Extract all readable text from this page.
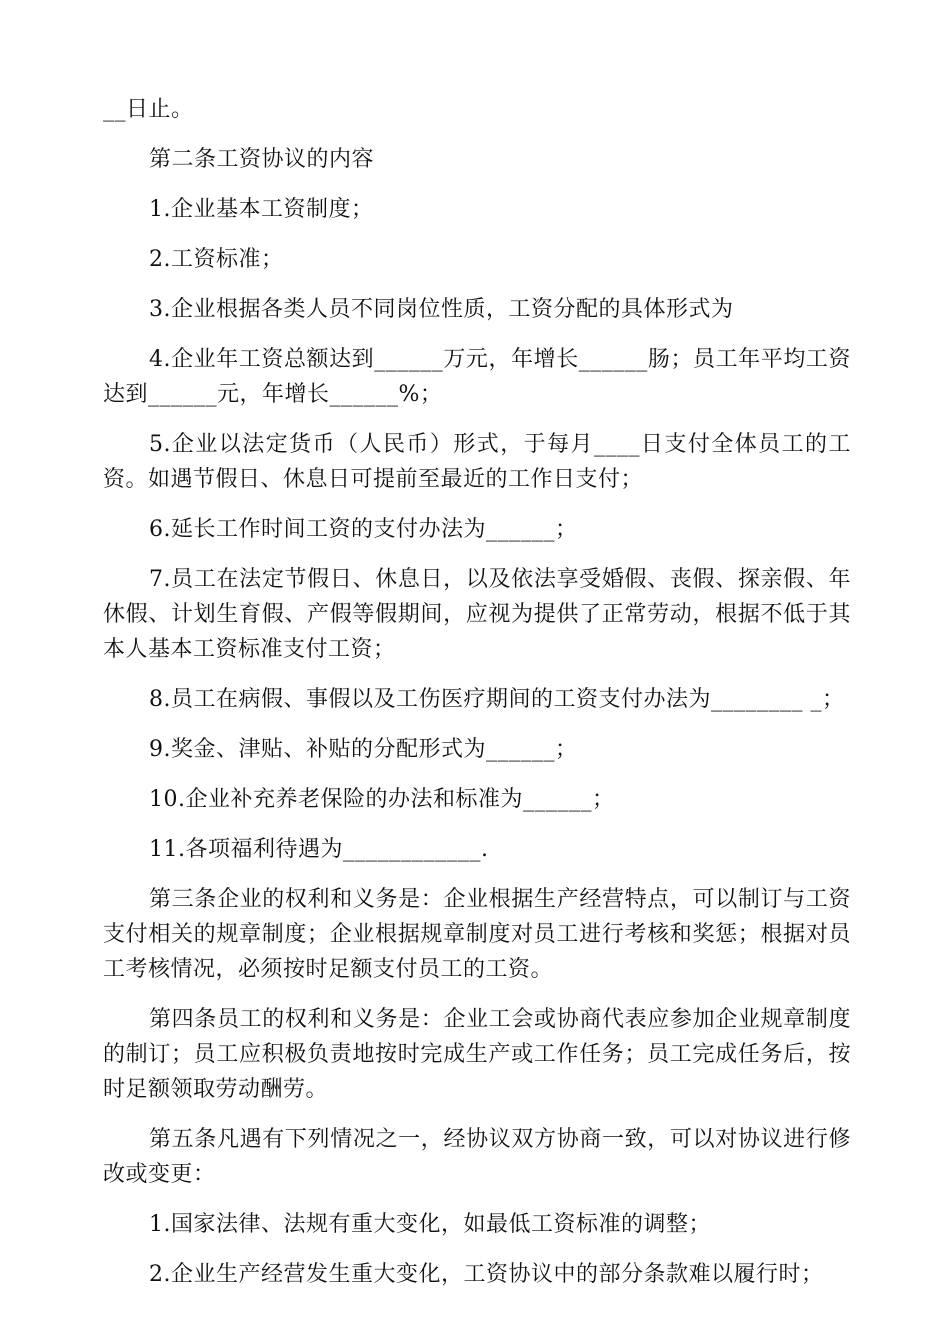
__日止。

第二条工资协议的内容

1.企业基本工资制度；

2.工资标准；

3.企业根据各类人员不同岗位性质，工资分配的具体形式为

4.企业年工资总额达到______万元，年增长______肠；员工年平均工资达到______元，年增长______%；

5.企业以法定货币（人民币）形式，于每月____日支付全体员工的工资。如遇节假日、休息日可提前至最近的工作日支付；

6.延长工作时间工资的支付办法为______；

7.员工在法定节假日、休息日，以及依法享受婚假、丧假、探亲假、年休假、计划生育假、产假等假期间，应视为提供了正常劳动，根据不低于其本人基本工资标准支付工资；

8.员工在病假、事假以及工伤医疗期间的工资支付办法为________ _；

9.奖金、津贴、补贴的分配形式为______；

10.企业补充养老保险的办法和标准为______；

11.各项福利待遇为____________.

第三条企业的权利和义务是：企业根据生产经营特点，可以制订与工资支付相关的规章制度；企业根据规章制度对员工进行考核和奖惩；根据对员工考核情况，必须按时足额支付员工的工资。

第四条员工的权利和义务是：企业工会或协商代表应参加企业规章制度的制订；员工应积极负责地按时完成生产或工作任务；员工完成任务后，按时足额领取劳动酬劳。

第五条凡遇有下列情况之一，经协议双方协商一致，可以对协议进行修改或变更：

1.国家法律、法规有重大变化，如最低工资标准的调整；

2.企业生产经营发生重大变化，工资协议中的部分条款难以履行时；
